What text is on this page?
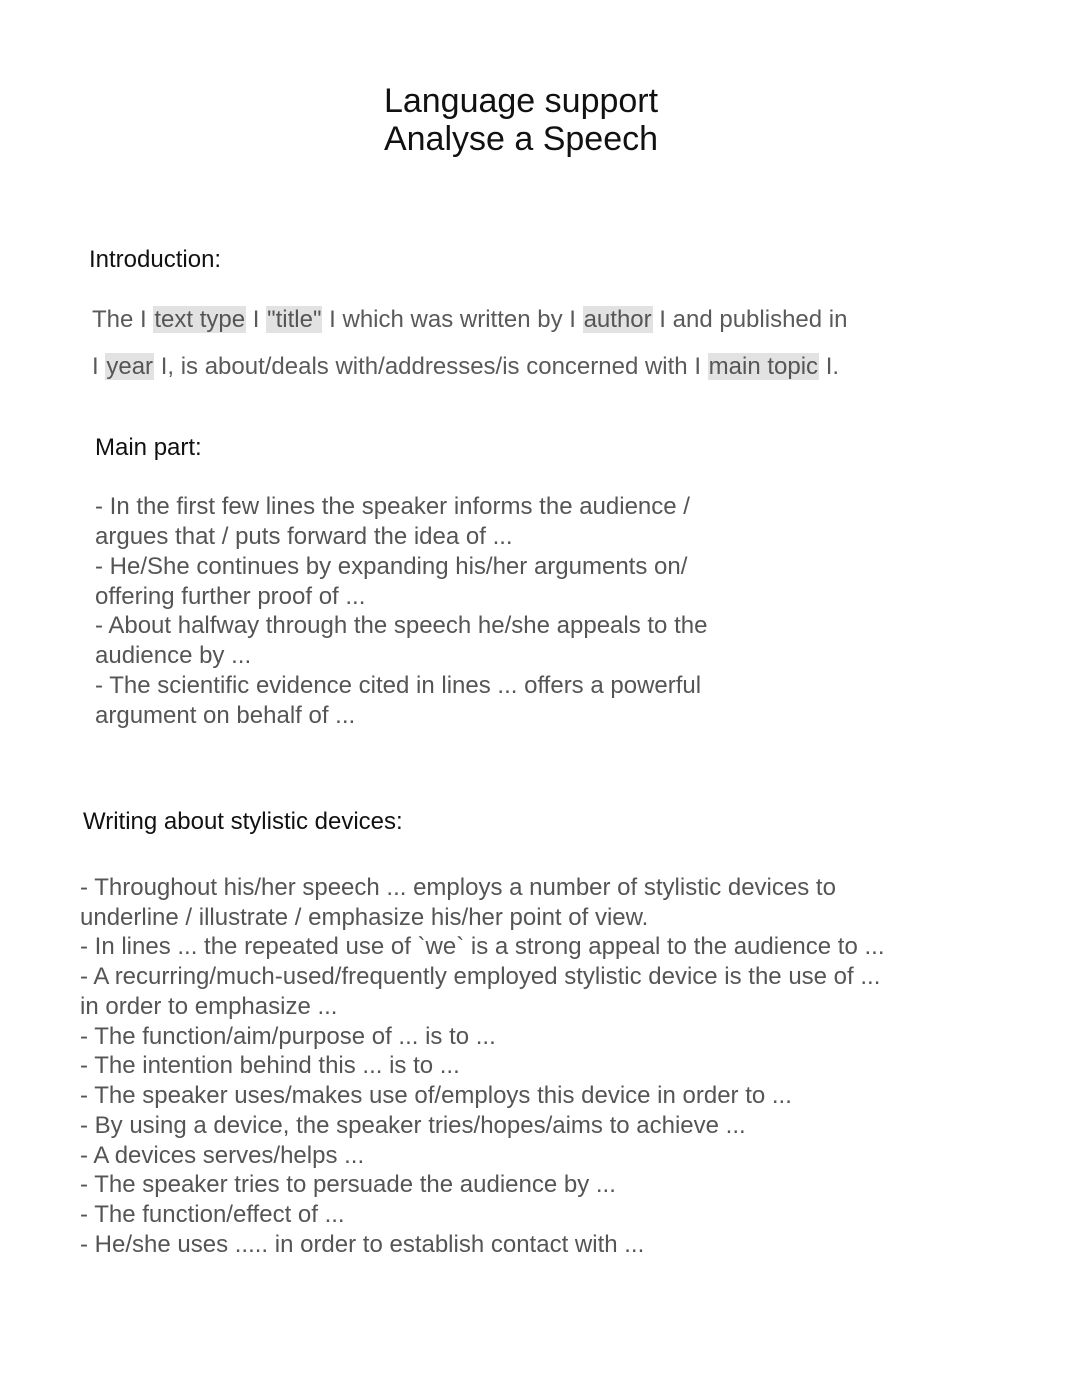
Language support
Analyse a Speech
Introduction:
The I text type I "title" I which was written by I author I and published in
I year I, is about/deals with/addresses/is concerned with I main topic I.
Main part:
- In the first few lines the speaker informs the audience /
argues that / puts forward the idea of ...
- He/She continues by expanding his/her arguments on/
offering further proof of ...
- About halfway through the speech he/she appeals to the
audience by ...
- The scientific evidence cited in lines ... offers a powerful
argument on behalf of ...
Writing about stylistic devices:
- Throughout his/her speech ... employs a number of stylistic devices to
underline / illustrate / emphasize his/her point of view.
- In lines ... the repeated use of `we` is a strong appeal to the audience to ...
- A recurring/much-used/frequently employed stylistic device is the use of ...
in order to emphasize ...
- The function/aim/purpose of ... is to ...
- The intention behind this ... is to ...
- The speaker uses/makes use of/employs this device in order to ...
- By using a device, the speaker tries/hopes/aims to achieve ...
- A devices serves/helps ...
- The speaker tries to persuade the audience by ...
- The function/effect of ...
- He/she uses ..... in order to establish contact with ...
